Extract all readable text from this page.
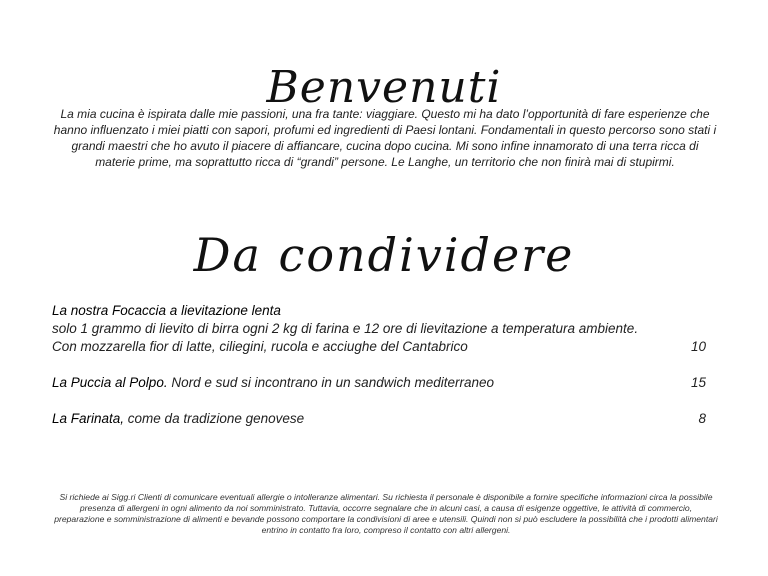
Benvenuti

La mia cucina è ispirata dalle mie passioni, una fra tante: viaggiare. Questo mi ha dato l’opportunità di fare esperienze che hanno influenzato i miei piatti con sapori, profumi ed ingredienti di Paesi lontani. Fondamentali in questo percorso sono stati i grandi maestri che ho avuto il piacere di affiancare, cucina dopo cucina. Mi sono infine innamorato di una terra ricca di materie prime, ma soprattutto ricca di “grandi” persone. Le Langhe, un territorio che non finirà mai di stupirmi.

Da condividere
La nostra Focaccia a lievitazione lenta
solo 1 grammo di lievito di birra ogni 2 kg di farina e 12 ore di lievitazione a temperatura ambiente.
Con mozzarella fior di latte, ciliegini, rucola e acciughe del Cantabrico	10
La Puccia al Polpo. Nord e sud si incontrano in un sandwich mediterraneo	15
La Farinata, come da tradizione genovese	8

Si richiede ai Sigg.ri Clienti di comunicare eventuali allergie o intolleranze alimentari. Su richiesta il personale è disponibile a fornire specifiche informazioni circa la possibile presenza di allergeni in ogni alimento da noi somministrato. Tuttavia, occorre segnalare che in alcuni casi, a causa di esigenze oggettive, le attività di commercio, preparazione e somministrazione di alimenti e bevande possono comportare la condivisioni di aree e utensili. Quindi non si può escludere la possibilità che i prodotti alimentari entrino in contatto fra loro, compreso il contatto con altri allergeni.
